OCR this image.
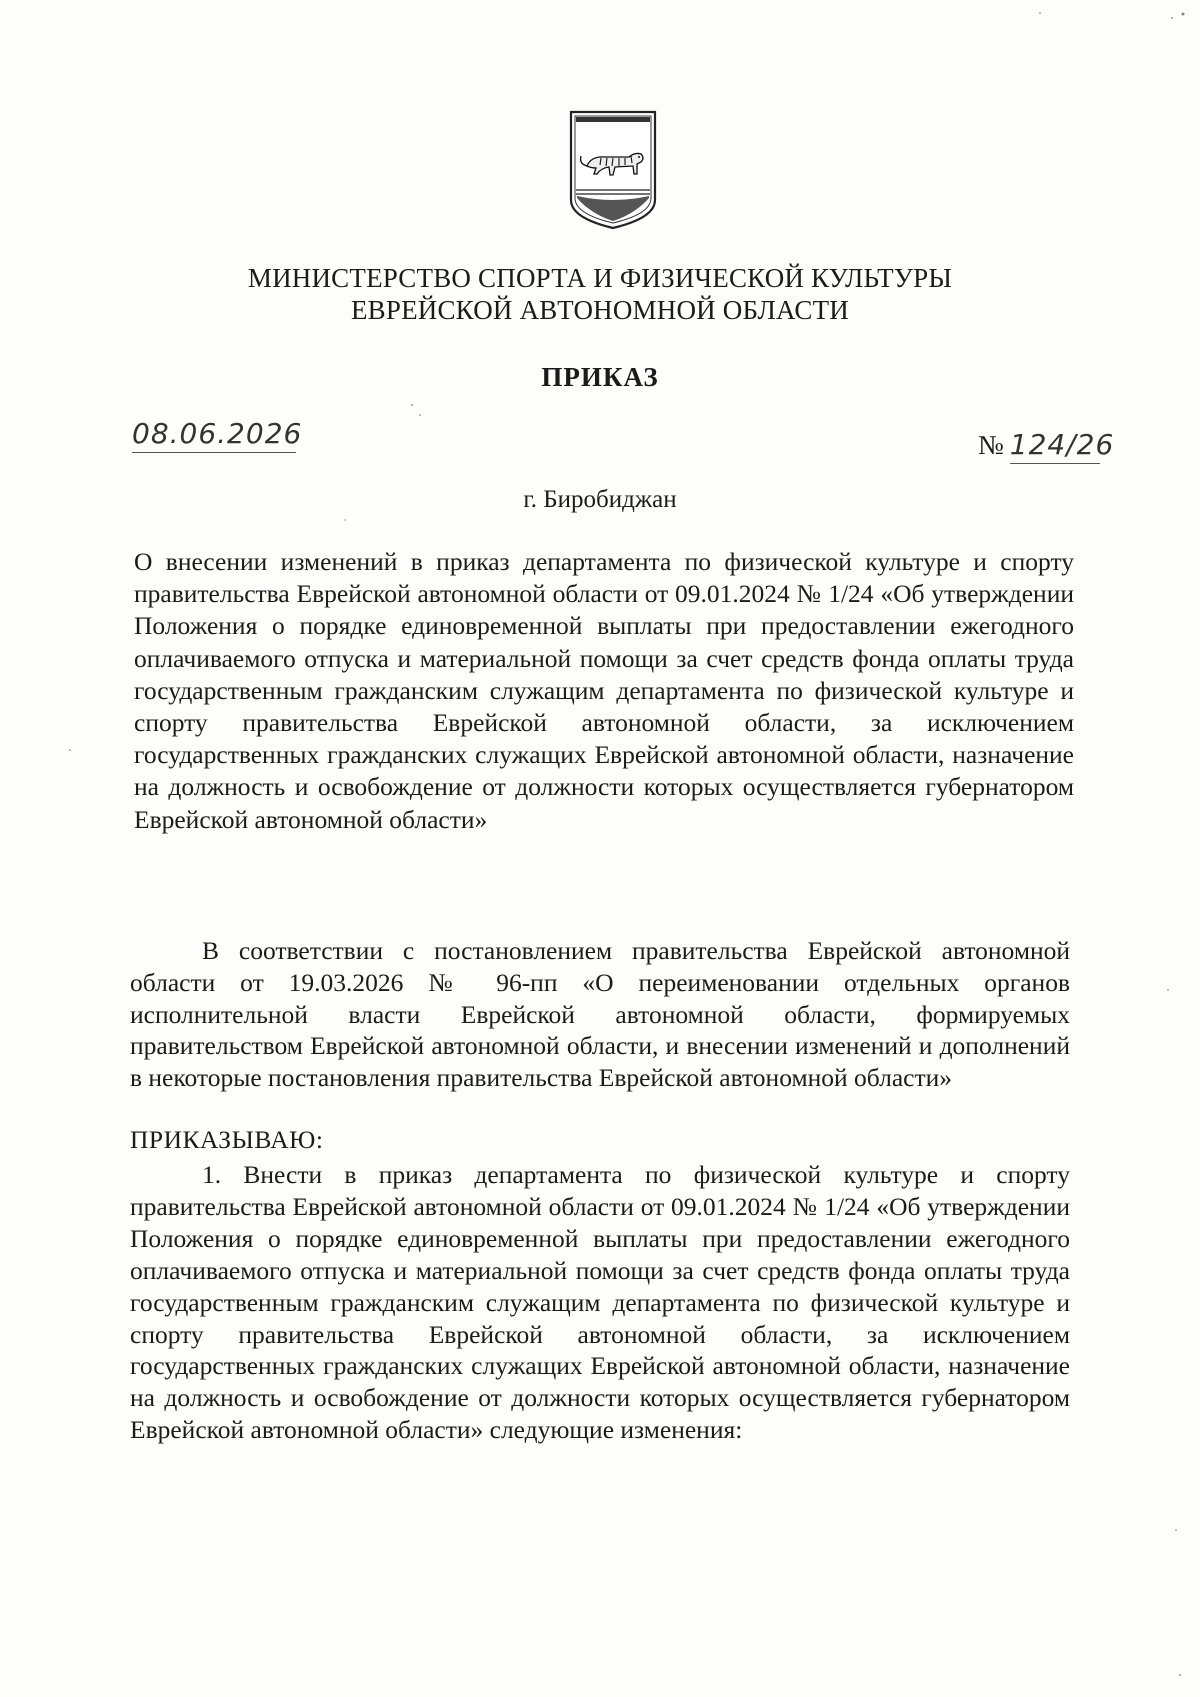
МИНИСТЕРСТВО СПОРТА И ФИЗИЧЕСКОЙ КУЛЬТУРЫ
ЕВРЕЙСКОЙ АВТОНОМНОЙ ОБЛАСТИ
ПРИКАЗ
08.06.2026	№ 124/26
г. Биробиджан
О внесении изменений в приказ департамента по физической культуре и спорту правительства Еврейской автономной области от 09.01.2024 № 1/24 «Об утверждении Положения о порядке единовременной выплаты при предоставлении ежегодного оплачиваемого отпуска и материальной помощи за счет средств фонда оплаты труда государственным гражданским служащим департамента по физической культуре и спорту правительства Еврейской автономной области, за исключением государственных гражданских служащих Еврейской автономной области, назначение на должность и освобождение от должности которых осуществляется губернатором Еврейской автономной области»
В соответствии с постановлением правительства Еврейской автономной области от 19.03.2026 № 96-пп «О переименовании отдельных органов исполнительной власти Еврейской автономной области, формируемых правительством Еврейской автономной области, и внесении изменений и дополнений в некоторые постановления правительства Еврейской автономной области»
ПРИКАЗЫВАЮ:
1. Внести в приказ департамента по физической культуре и спорту правительства Еврейской автономной области от 09.01.2024 № 1/24 «Об утверждении Положения о порядке единовременной выплаты при предоставлении ежегодного оплачиваемого отпуска и материальной помощи за счет средств фонда оплаты труда государственным гражданским служащим департамента по физической культуре и спорту правительства Еврейской автономной области, за исключением государственных гражданских служащих Еврейской автономной области, назначение на должность и освобождение от должности которых осуществляется губернатором Еврейской автономной области» следующие изменения:
